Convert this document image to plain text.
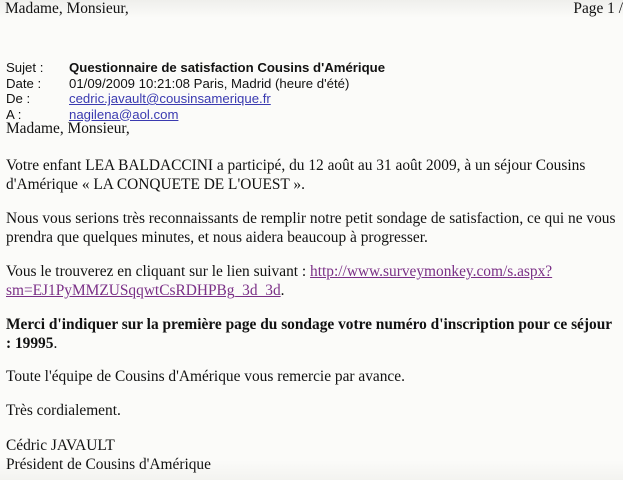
Madame, Monsieur,	Page 1 /
Sujet :	Questionnaire de satisfaction Cousins d'Amérique
Date :	01/09/2009 10:21:08 Paris, Madrid (heure d'été)
De :	cedric.javault@cousinsamerique.fr
A :	nagilena@aol.com
Madame, Monsieur,
Votre enfant LEA BALDACCINI a participé, du 12 août au 31 août 2009, à un séjour Cousins d'Amérique « LA CONQUETE DE L'OUEST ».
Nous vous serions très reconnaissants de remplir notre petit sondage de satisfaction, ce qui ne vous prendra que quelques minutes, et nous aidera beaucoup à progresser.
Vous le trouverez en cliquant sur le lien suivant : http://www.surveymonkey.com/s.aspx?
sm=EJ1PyMMZUSqqwtCsRDHPBg_3d_3d.
Merci d'indiquer sur la première page du sondage votre numéro d'inscription pour ce séjour : 19995.
Toute l'équipe de Cousins d'Amérique vous remercie par avance.
Très cordialement.
Cédric JAVAULT
Président de Cousins d'Amérique
